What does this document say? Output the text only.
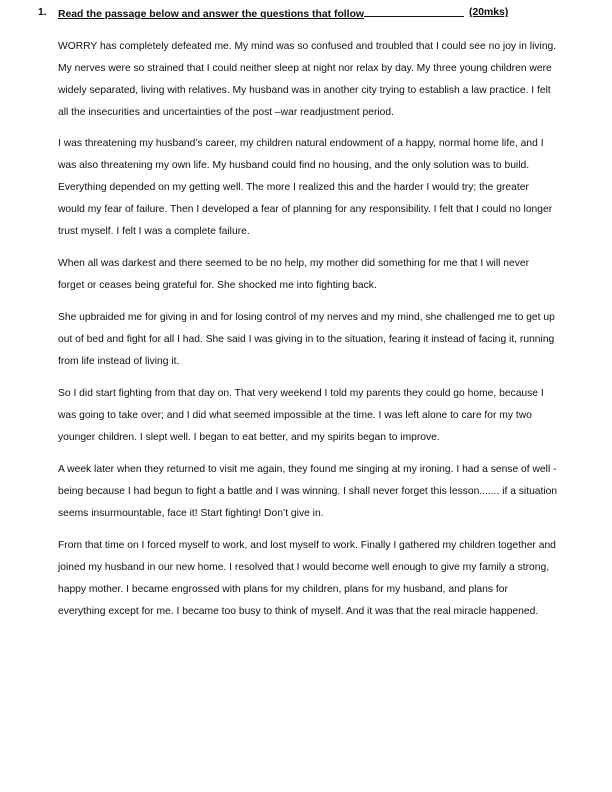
1. Read the passage below and answer the questions that follow	(20mks)

WORRY has completely defeated me. My mind was so confused and troubled that I could see no joy in living. My nerves were so strained that I could neither sleep at night nor relax by day. My three young children were widely separated, living with relatives. My husband was in another city trying to establish a law practice. I felt all the insecurities and uncertainties of the post –war readjustment period.

I was threatening my husband’s career, my children natural endowment of a happy, normal home life, and I was also threatening my own life. My husband could find no housing, and the only solution was to build. Everything depended on my getting well. The more I realized this and the harder I would try; the greater would my fear of failure. Then I developed a fear of planning for any responsibility. I felt that I could no longer trust myself. I felt I was a complete failure.

When all was darkest and there seemed to be no help, my mother did something for me that I will never forget or ceases being grateful for. She shocked me into fighting back.

She upbraided me for giving in and for losing control of my nerves and my mind, she challenged me to get up out of bed and fight for all I had. She said I was giving in to the situation, fearing it instead of facing it, running from life instead of living it.

So I did start fighting from that day on. That very weekend I told my parents they could go home, because I was going to take over; and I did what seemed impossible at the time. I was left alone to care for my two younger children. I slept well. I began to eat better, and my spirits began to improve.

A week later when they returned to visit me again, they found me singing at my ironing. I had a sense of well -being because I had begun to fight a battle and I was winning. I shall never forget this lesson....... if a situation seems insurmountable, face it! Start fighting! Don’t give in.

From that time on I forced myself to work, and lost myself to work. Finally I gathered my children together and joined my husband in our new home. I resolved that I would become well enough to give my family a strong, happy mother. I became engrossed with plans for my children, plans for my husband, and plans for everything except for me. I became too busy to think of myself. And it was that the real miracle happened.
